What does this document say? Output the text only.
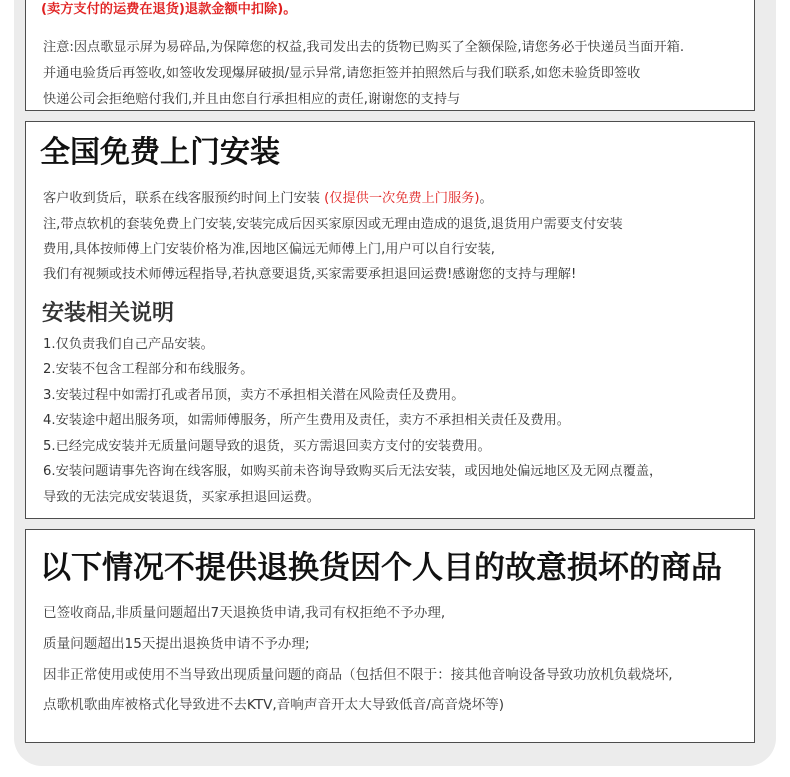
(卖方支付的运费在退货)退款金额中扣除)。

注意:因点歌显示屏为易碎品,为保障您的权益,我司发出去的货物已购买了全额保险,请您务必于快递员当面开箱.

并通电验货后再签收,如签收发现爆屏破损/显示异常,请您拒签并拍照然后与我们联系,如您未验货即签收

快递公司会拒绝赔付我们,并且由您自行承担相应的责任,谢谢您的支持与

全国免费上门安装

客户收到货后，联系在线客服预约时间上门安装 (仅提供一次免费上门服务)。

注,带点软机的套装免费上门安装,安装完成后因买家原因或无理由造成的退货,退货用户需要支付安装

费用,具体按师傅上门安装价格为准,因地区偏远无师傅上门,用户可以自行安装,

我们有视频或技术师傅远程指导,若执意要退货,买家需要承担退回运费!感谢您的支持与理解!

安装相关说明

1.仅负责我们自己产品安装。

2.安装不包含工程部分和布线服务。

3.安装过程中如需打孔或者吊顶，卖方不承担相关潜在风险责任及费用。

4.安装途中超出服务项，如需师傅服务，所产生费用及责任，卖方不承担相关责任及费用。

5.已经完成安装并无质量问题导致的退货，买方需退回卖方支付的安装费用。

6.安装问题请事先咨询在线客服，如购买前未咨询导致购买后无法安装，或因地处偏远地区及无网点覆盖，

导致的无法完成安装退货，买家承担退回运费。

以下情况不提供退换货因个人目的故意损坏的商品

已签收商品,非质量问题超出7天退换货申请,我司有权拒绝不予办理,

质量问题超出15天提出退换货申请不予办理;

因非正常使用或使用不当导致出现质量问题的商品（包括但不限于：接其他音响设备导致功放机负载烧坏,

点歌机歌曲库被格式化导致进不去KTV,音响声音开太大导致低音/高音烧坏等)
